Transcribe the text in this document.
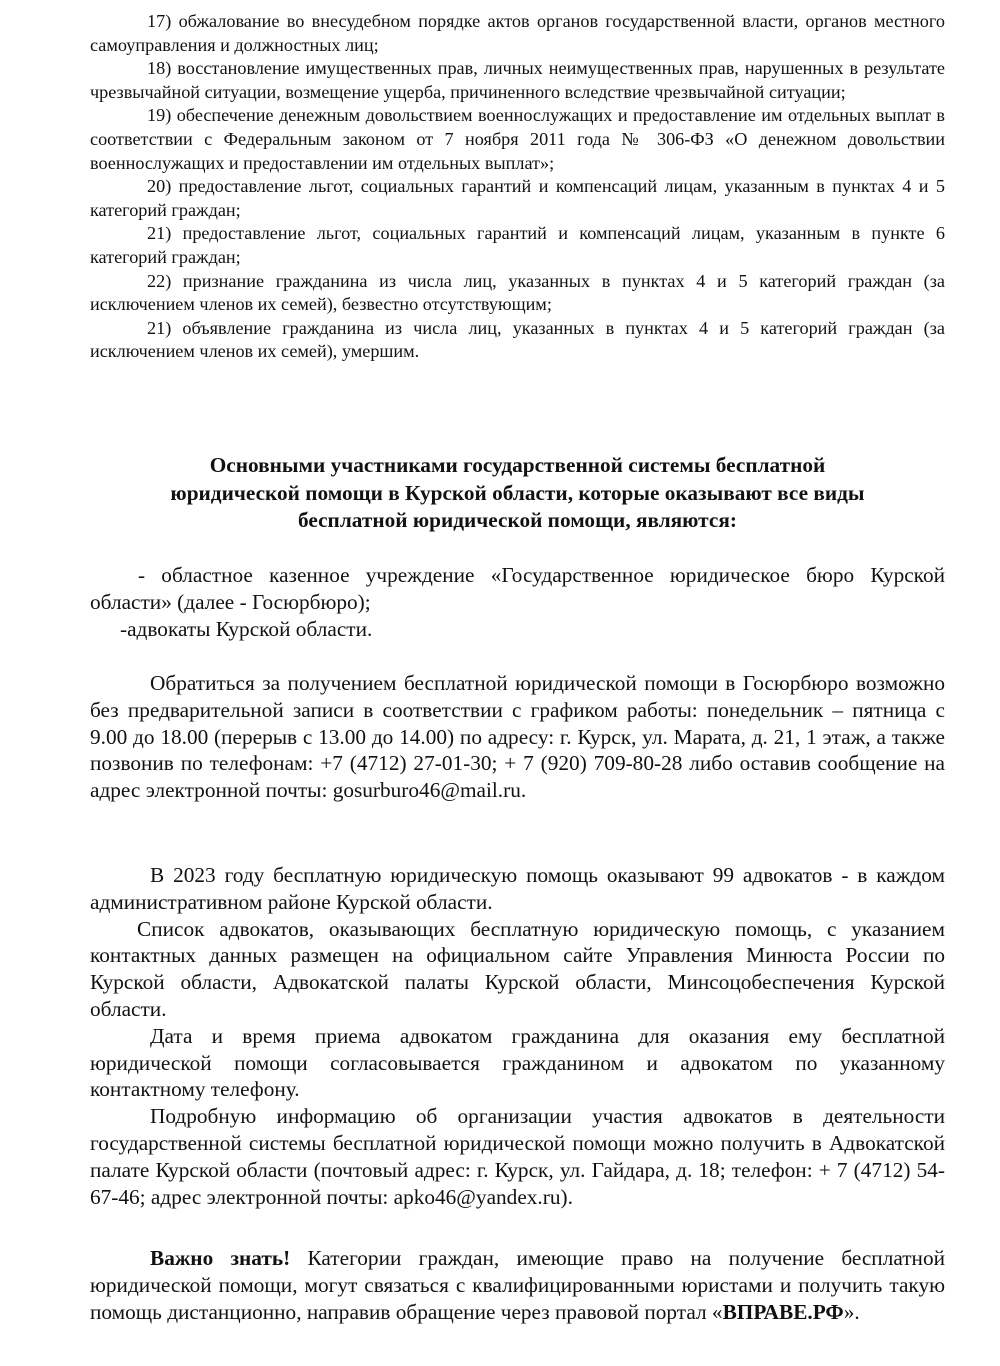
17) обжалование во внесудебном порядке актов органов государственной власти, органов местного самоуправления и должностных лиц;

18) восстановление имущественных прав, личных неимущественных прав, нарушенных в результате чрезвычайной ситуации, возмещение ущерба, причиненного вследствие чрезвычайной ситуации;

19) обеспечение денежным довольствием военнослужащих и предоставление им отдельных выплат в соответствии с Федеральным законом от 7 ноября 2011 года № 306-ФЗ «О денежном довольствии военнослужащих и предоставлении им отдельных выплат»;

20) предоставление льгот, социальных гарантий и компенсаций лицам, указанным в пунктах 4 и 5 категорий граждан;

21) предоставление льгот, социальных гарантий и компенсаций лицам, указанным в пункте 6 категорий граждан;

22) признание гражданина из числа лиц, указанных в пунктах 4 и 5 категорий граждан (за исключением членов их семей), безвестно отсутствующим;

21) объявление гражданина из числа лиц, указанных в пунктах 4 и 5 категорий граждан (за исключением членов их семей), умершим.

Основными участниками государственной системы бесплатной
юридической помощи в Курской области, которые оказывают все виды
бесплатной юридической помощи, являются:

- областное казенное учреждение «Государственное юридическое бюро Курской области» (далее - Госюрбюро);

-адвокаты Курской области.

Обратиться за получением бесплатной юридической помощи в Госюрбюро возможно без предварительной записи в соответствии с графиком работы: понедельник – пятница с 9.00 до 18.00 (перерыв с 13.00 до 14.00) по адресу: г. Курск, ул. Марата, д. 21, 1 этаж, а также позвонив по телефонам: +7 (4712) 27-01-30; + 7 (920) 709-80-28 либо оставив сообщение на адрес электронной почты: gosurburo46@mail.ru.

В 2023 году бесплатную юридическую помощь оказывают 99 адвокатов - в каждом административном районе Курской области.

Список адвокатов, оказывающих бесплатную юридическую помощь, с указанием контактных данных размещен на официальном сайте Управления Минюста России по Курской области, Адвокатской палаты Курской области, Минсоцобеспечения Курской области.

Дата и время приема адвокатом гражданина для оказания ему бесплатной юридической помощи согласовывается гражданином и адвокатом по указанному контактному телефону.

Подробную информацию об организации участия адвокатов в деятельности государственной системы бесплатной юридической помощи можно получить в Адвокатской палате Курской области (почтовый адрес: г. Курск, ул. Гайдара, д. 18; телефон: + 7 (4712) 54-67-46; адрес электронной почты: apko46@yandex.ru).

Важно знать! Категории граждан, имеющие право на получение бесплатной юридической помощи, могут связаться с квалифицированными юристами и получить такую помощь дистанционно, направив обращение через правовой портал «ВПРАВЕ.РФ».
